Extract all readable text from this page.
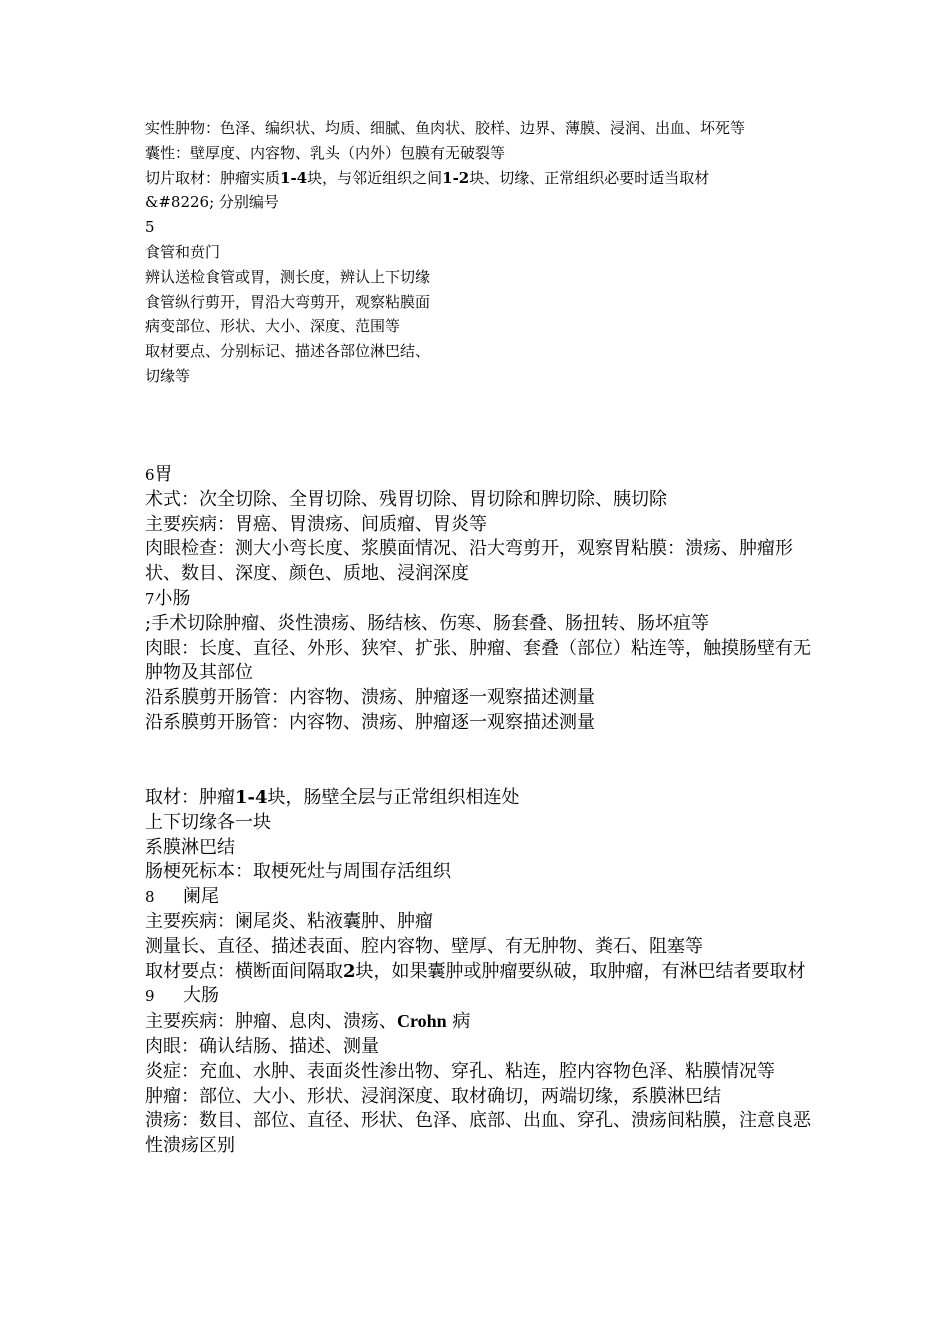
实性肿物：色泽、编织状、均质、细腻、鱼肉状、胶样、边界、薄膜、浸润、出血、坏死等
囊性：壁厚度、内容物、乳头（内外）包膜有无破裂等
切片取材：肿瘤实质1-4块，与邻近组织之间1-2块、切缘、正常组织必要时适当取材
&#8226; 分别编号
5
食管和贲门
辨认送检食管或胃，测长度，辨认上下切缘
食管纵行剪开，胃沿大弯剪开，观察粘膜面
病变部位、形状、大小、深度、范围等
取材要点、分别标记、描述各部位淋巴结、
切缘等
6胃
术式：次全切除、全胃切除、残胃切除、胃切除和脾切除、胰切除
主要疾病：胃癌、胃溃疡、间质瘤、胃炎等
肉眼检查：测大小弯长度、浆膜面情况、沿大弯剪开，观察胃粘膜：溃疡、肿瘤形状、数目、深度、颜色、质地、浸润深度
7小肠
;手术切除肿瘤、炎性溃疡、肠结核、伤寒、肠套叠、肠扭转、肠坏疽等
肉眼：长度、直径、外形、狭窄、扩张、肿瘤、套叠（部位）粘连等，触摸肠壁有无肿物及其部位
沿系膜剪开肠管：内容物、溃疡、肿瘤逐一观察描述测量
沿系膜剪开肠管：内容物、溃疡、肿瘤逐一观察描述测量
取材：肿瘤1-4块，肠壁全层与正常组织相连处
上下切缘各一块
系膜淋巴结
肠梗死标本：取梗死灶与周围存活组织
8 阑尾
主要疾病：阑尾炎、粘液囊肿、肿瘤
测量长、直径、描述表面、腔内容物、壁厚、有无肿物、粪石、阻塞等
取材要点：横断面间隔取2块，如果囊肿或肿瘤要纵破，取肿瘤，有淋巴结者要取材
9 大肠
主要疾病：肿瘤、息肉、溃疡、Crohn 病
肉眼：确认结肠、描述、测量
炎症：充血、水肿、表面炎性渗出物、穿孔、粘连，腔内容物色泽、粘膜情况等
肿瘤：部位、大小、形状、浸润深度、取材确切，两端切缘，系膜淋巴结
溃疡：数目、部位、直径、形状、色泽、底部、出血、穿孔、溃疡间粘膜，注意良恶性溃疡区别
